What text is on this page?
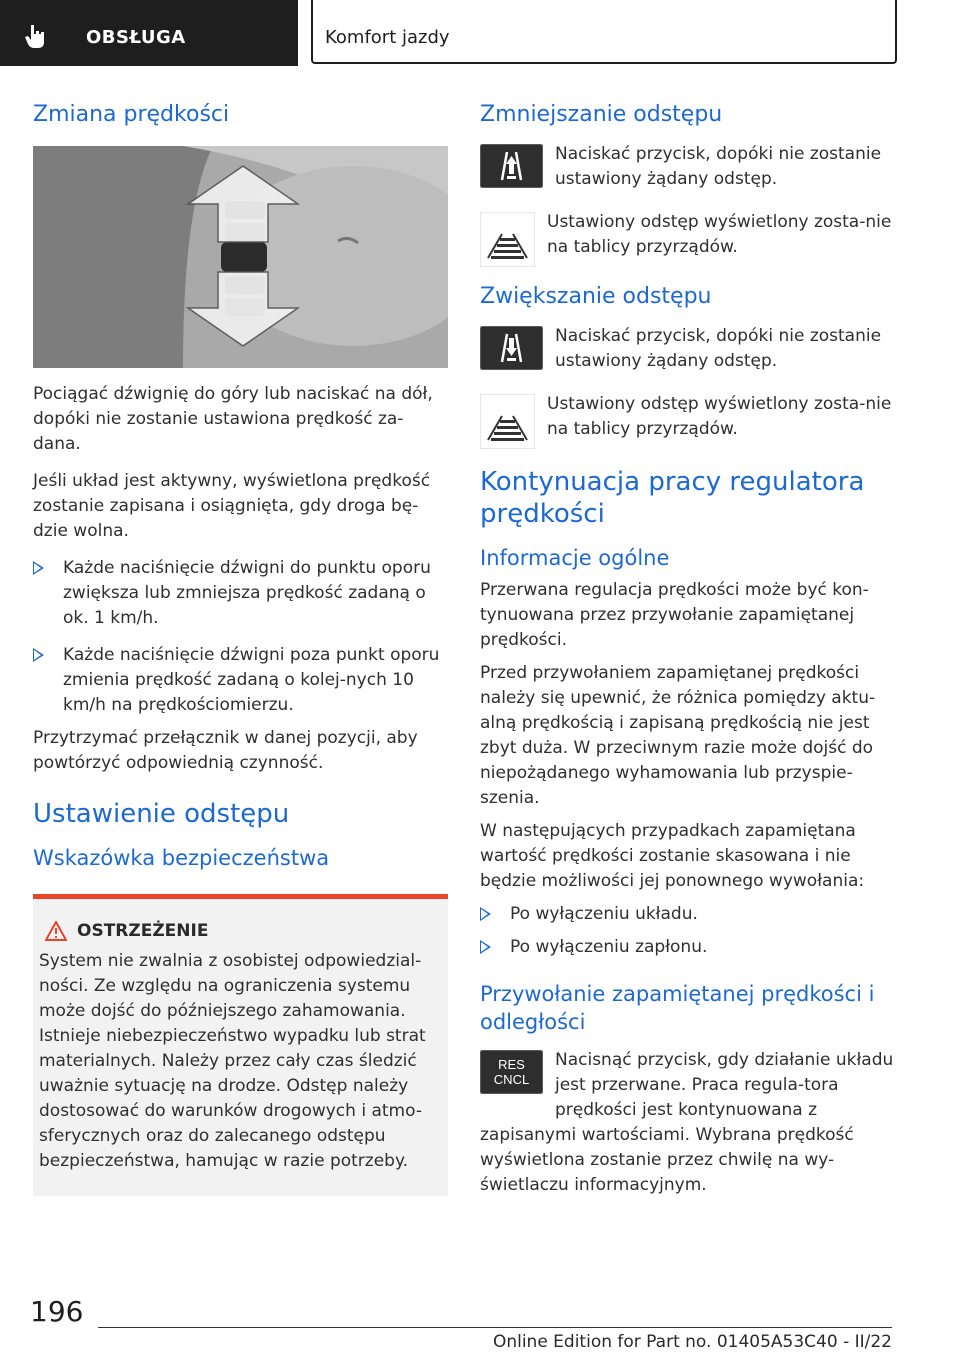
OBSŁUGA	Komfort jazdy
Zmiana prędkości

Pociągać dźwignię do góry lub naciskać na dół, dopóki nie zostanie ustawiona prędkość za-dana.

Jeśli układ jest aktywny, wyświetlona prędkość zostanie zapisana i osiągnięta, gdy droga bę-dzie wolna.

Każde naciśnięcie dźwigni do punktu oporu zwiększa lub zmniejsza prędkość zadaną o ok. 1 km/h.
Każde naciśnięcie dźwigni poza punkt oporu zmienia prędkość zadaną o kolej-nych 10 km/h na prędkościomierzu.

Przytrzymać przełącznik w danej pozycji, aby powtórzyć odpowiednią czynność.

Ustawienie odstępu
Wskazówka bezpieczeństwa
OSTRZEŻENIE

System nie zwalnia z osobistej odpowiedzial-ności. Ze względu na ograniczenia systemu może dojść do późniejszego zahamowania. Istnieje niebezpieczeństwo wypadku lub strat materialnych. Należy przez cały czas śledzić uważnie sytuację na drodze. Odstęp należy dostosować do warunków drogowych i atmo-sferycznych oraz do zalecanego odstępu bezpieczeństwa, hamując w razie potrzeby.

Zmniejszanie odstępu

Naciskać przycisk, dopóki nie zostanie ustawiony żądany odstęp.

Ustawiony odstęp wyświetlony zosta-nie na tablicy przyrządów.

Zwiększanie odstępu

Naciskać przycisk, dopóki nie zostanie ustawiony żądany odstęp.

Ustawiony odstęp wyświetlony zosta-nie na tablicy przyrządów.

Kontynuacja pracy regulatora prędkości
Informacje ogólne

Przerwana regulacja prędkości może być kon-tynuowana przez przywołanie zapamiętanej prędkości.

Przed przywołaniem zapamiętanej prędkości należy się upewnić, że różnica pomiędzy aktu-alną prędkością i zapisaną prędkością nie jest zbyt duża. W przeciwnym razie może dojść do niepożądanego wyhamowania lub przyspie-szenia.

W następujących przypadkach zapamiętana wartość prędkości zostanie skasowana i nie będzie możliwości jej ponownego wywołania:

Po wyłączeniu układu.
Po wyłączeniu zapłonu.
Przywołanie zapamiętanej prędkości i odległości
RES
CNCL

Nacisnąć przycisk, gdy działanie układu jest przerwane. Praca regula-tora prędkości jest kontynuowana z

zapisanymi wartościami. Wybrana prędkość wyświetlona zostanie przez chwilę na wy-świetlaczu informacyjnym.

196
Online Edition for Part no. 01405A53C40 - II/22
